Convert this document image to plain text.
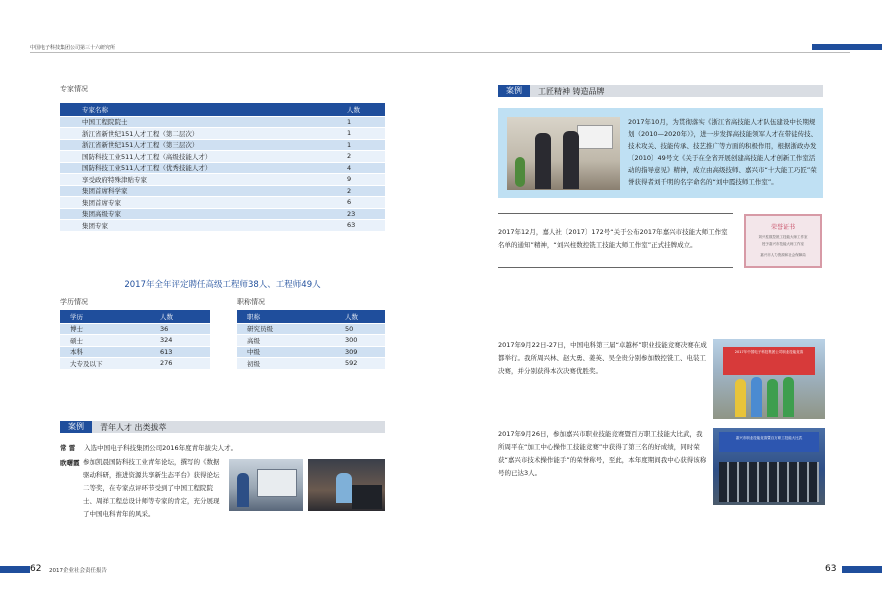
中国电子科技集团公司第三十六研究所
专家情况
专家名称	人数
中国工程院院士	1
浙江省新世纪151人才工程（第二层次）	1
浙江省新世纪151人才工程（第三层次）	1
国防科技工业511人才工程（高级技能人才）	2
国防科技工业511人才工程（优秀技能人才）	4
享受政府特殊津贴专家	9
集团首席科学家	2
集团首席专家	6
集团高级专家	23
集团专家	63
2017年全年评定聘任高级工程师38人、工程师49人
学历情况
学历	人数
博士	36
硕士	324
本科	613
大专及以下	276
职称情况
职称	人数
研究员级	50
高级	300
中级	309
初级	592
案例	青年人才 出类拔萃
常 雷 入选中国电子科技集团公司2016年度青年拔尖人才。
欧曙霞 参加凯晨国防科技工业青年论坛，撰写的《数据驱动科研，推进资源共享新生态平台》获得论坛二等奖，在专家点评环节受到了中国工程院院士、周祥工程总设计师等专家的肯定，充分展现了中国电科青年的风采。

62 2017企业社会责任报告
案例	工匠精神 铸造品牌

2017年10月，为贯彻落实《浙江省高技能人才队伍建设中长期规划（2010—2020年）》，进一步发挥高技能领军人才在带徒传技、技术攻关、技能传承、技艺推广等方面的积极作用，根据浙政办发〔2010〕49号文《关于在全省开展创建高技能人才创新工作室活动的指导意见》精神，成立由高级技师、嘉兴市“十大能工巧匠”荣誉获得者刘千明的名字命名的“刘中霞技师工作室”。

2017年12月，嘉人社〔2017〕172号“关于公布2017年嘉兴市技能大师工作室名单的通知”精神，“刘兴柱数控铣工技能大师工作室”正式挂牌成立。

荣誉证书
刘兴柱数控铣工技能大师工作室
授予嘉兴市技能大师工作室
嘉兴市人力资源和社会保障局

2017年9月22日-27日，中国电科第三届“卓越杯”职业技能竞赛决赛在成都举行。我所周兴林、赵大勇、姜英、吴全贵分别参加数控铣工、电装工决赛，并分别获得本次决赛优胜奖。

2017年中国电子科技集团公司职业技能竞赛

2017年9月26日，参加嘉兴市职业技能竞赛暨百万职工技能大比武，我所周平在“加工中心操作工技能竞赛”中获得了第三名的好成绩，同时荣获“嘉兴市技术操作能手”的荣誉称号，至此，本年度期间我中心获得该称号的已达3人。

嘉兴市职业技能竞赛暨百万职工技能大比武
63
